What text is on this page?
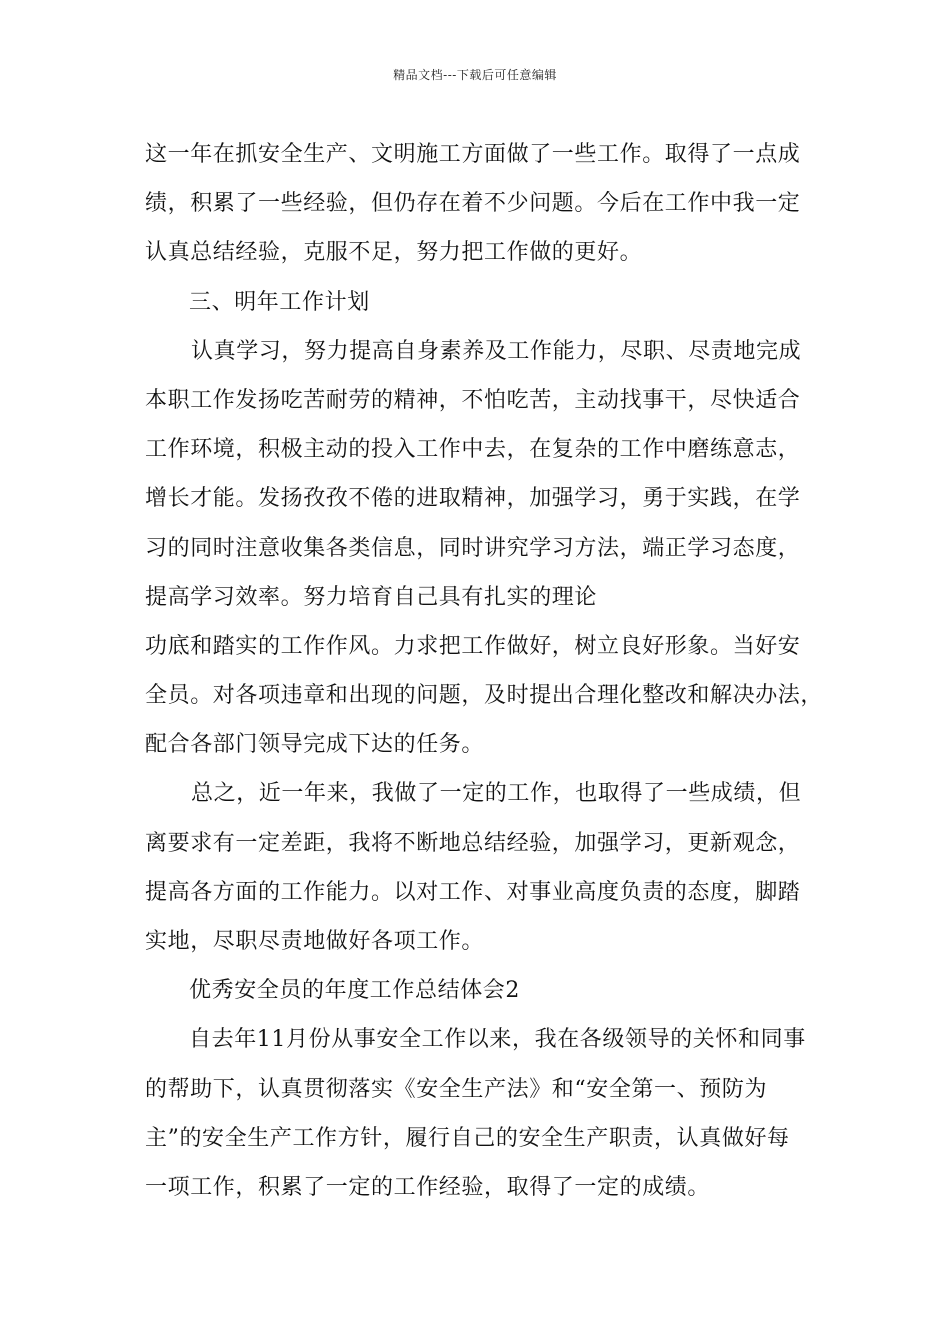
精品文档---下载后可任意编辑
这一年在抓安全生产、文明施工方面做了一些工作。取得了一点成
绩，积累了一些经验，但仍存在着不少问题。今后在工作中我一定
认真总结经验，克服不足，努力把工作做的更好。
三、明年工作计划
认真学习，努力提高自身素养及工作能力，尽职、尽责地完成
本职工作发扬吃苦耐劳的精神，不怕吃苦，主动找事干，尽快适合
工作环境，积极主动的投入工作中去，在复杂的工作中磨练意志，
增长才能。发扬孜孜不倦的进取精神，加强学习，勇于实践，在学
习的同时注意收集各类信息，同时讲究学习方法，端正学习态度，
提高学习效率。努力培育自己具有扎实的理论
功底和踏实的工作作风。力求把工作做好，树立良好形象。当好安
全员。对各项违章和出现的问题，及时提出合理化整改和解决办法，
配合各部门领导完成下达的任务。
总之，近一年来，我做了一定的工作，也取得了一些成绩，但
离要求有一定差距，我将不断地总结经验，加强学习，更新观念，
提高各方面的工作能力。以对工作、对事业高度负责的态度，脚踏
实地，尽职尽责地做好各项工作。
优秀安全员的年度工作总结体会2
自去年11月份从事安全工作以来，我在各级领导的关怀和同事
的帮助下，认真贯彻落实《安全生产法》和“安全第一、预防为
主”的安全生产工作方针，履行自己的安全生产职责，认真做好每
一项工作，积累了一定的工作经验，取得了一定的成绩。
